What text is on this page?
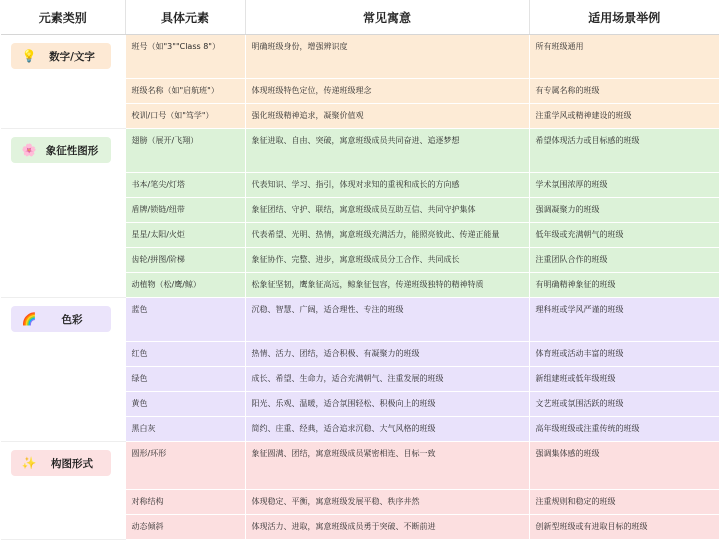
元素类别	具体元素	常见寓意	适用场景举例

💡 数字/文字	班号（如"3""Class 8"）	明确班级身份，增强辨识度	所有班级通用
	班级名称（如"启航班"）	体现班级特色定位，传递班级理念	有专属名称的班级
	校训/口号（如"笃学"）	强化班级精神追求，凝聚价值观	注重学风或精神建设的班级

🌸 象征性图形	翅膀（展开/飞翔）	象征进取、自由、突破，寓意班级成员共同奋进、追逐梦想	希望体现活力或目标感的班级
	书本/笔尖/灯塔	代表知识、学习、指引，体现对求知的重视和成长的方向感	学术氛围浓厚的班级
	盾牌/锁链/纽带	象征团结、守护、联结，寓意班级成员互助互信、共同守护集体	强调凝聚力的班级
	星星/太阳/火炬	代表希望、光明、热情，寓意班级充满活力，能照亮彼此、传递正能量	低年级或充满朝气的班级
	齿轮/拼图/阶梯	象征协作、完整、进步，寓意班级成员分工合作、共同成长	注重团队合作的班级
	动植物（松/鹰/鲸）	松象征坚韧，鹰象征高远，鲸象征包容，传递班级独特的精神特质	有明确精神象征的班级

🌈 色彩	蓝色	沉稳、智慧、广阔，适合理性、专注的班级	理科班或学风严谨的班级
	红色	热情、活力、团结，适合积极、有凝聚力的班级	体育班或活动丰富的班级
	绿色	成长、希望、生命力，适合充满朝气、注重发展的班级	新组建班或低年级班级
	黄色	阳光、乐观、温暖，适合氛围轻松、积极向上的班级	文艺班或氛围活跃的班级
	黑白灰	简约、庄重、经典，适合追求沉稳、大气风格的班级	高年级班级或注重传统的班级

✨ 构图形式	圆形/环形	象征圆满、团结，寓意班级成员紧密相连、目标一致	强调集体感的班级
	对称结构	体现稳定、平衡，寓意班级发展平稳、秩序井然	注重规则和稳定的班级
	动态倾斜	体现活力、进取，寓意班级成员勇于突破、不断前进	创新型班级或有进取目标的班级
